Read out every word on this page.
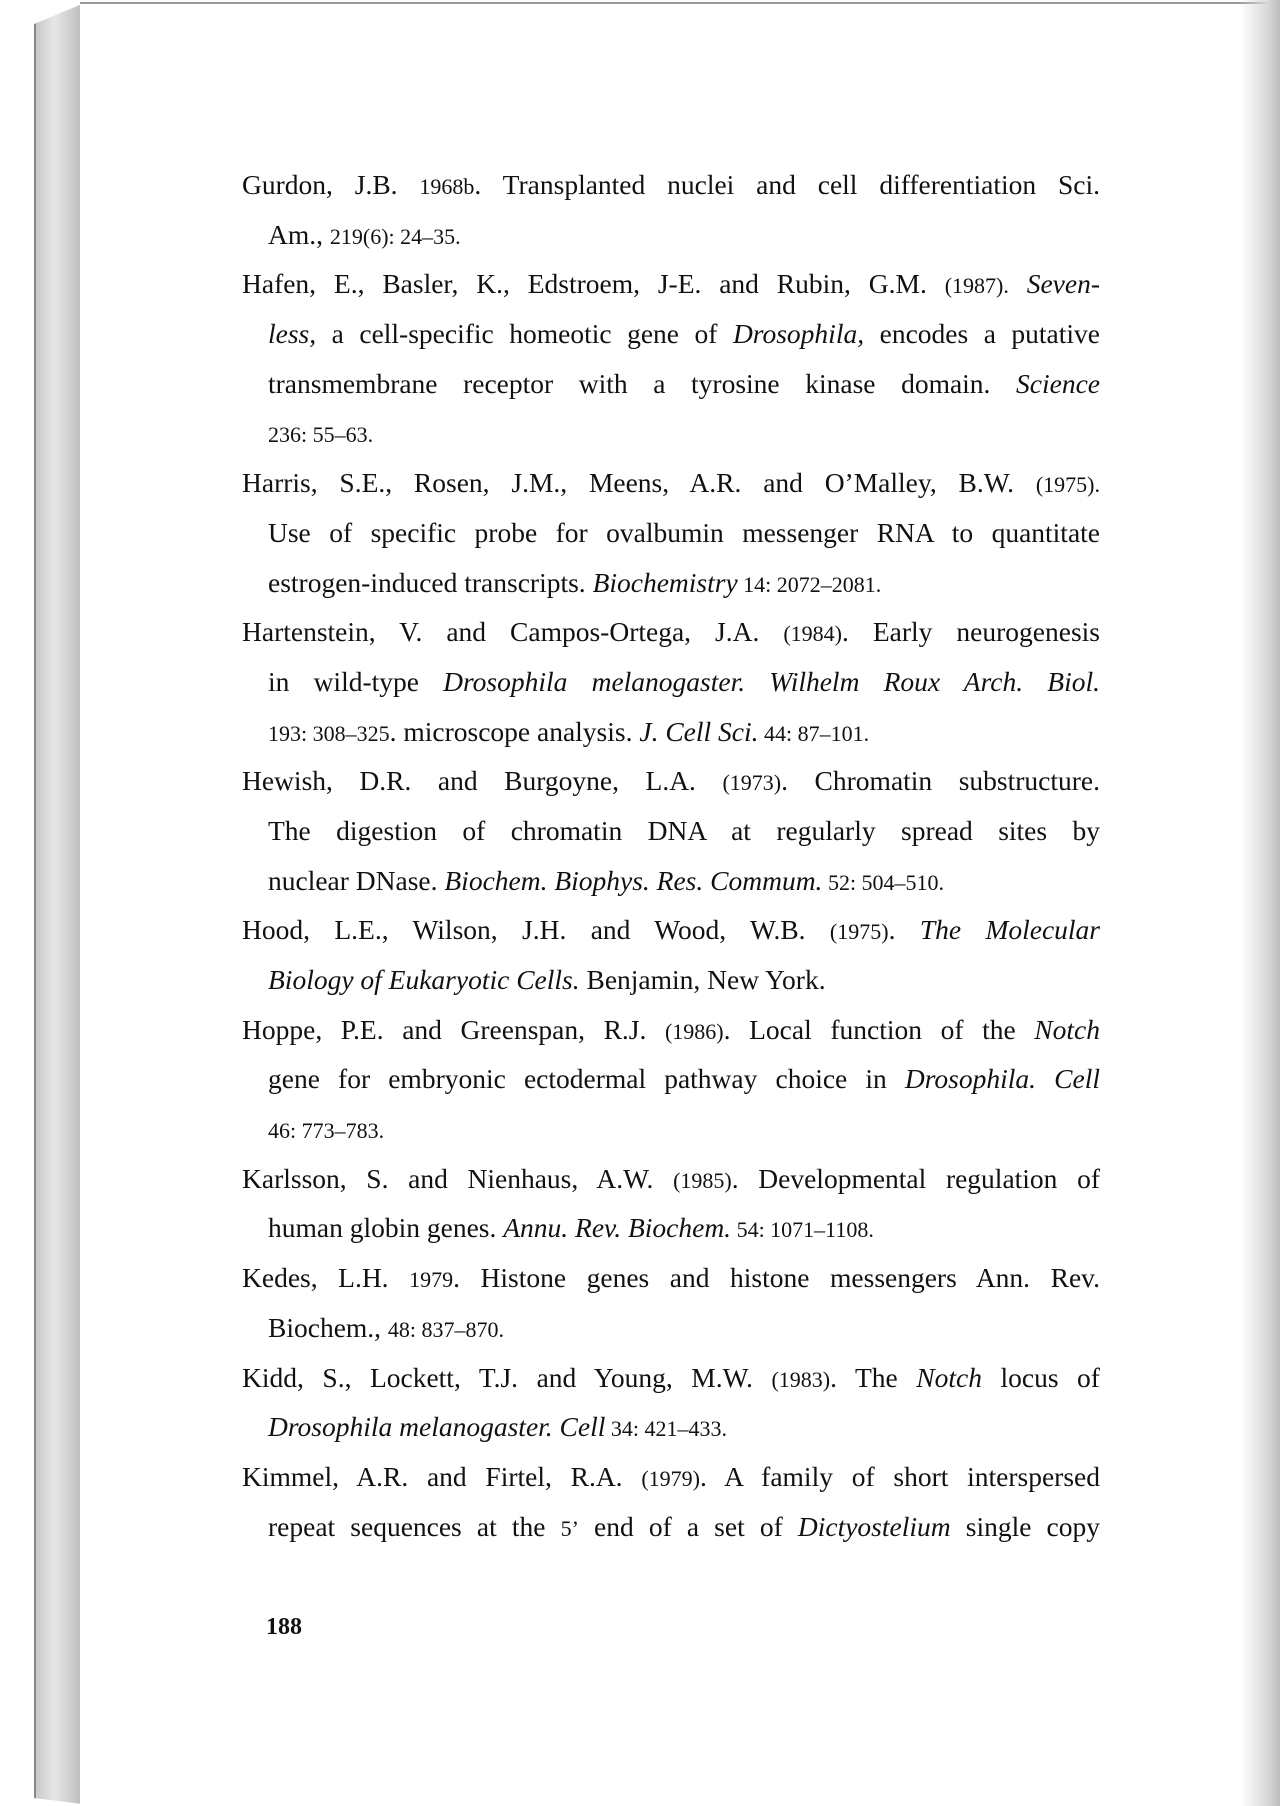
Gurdon, J.B. 1968b. Transplanted nuclei and cell differentiation Sci.
Am., 219(6): 24–35.
Hafen, E., Basler, K., Edstroem, J-E. and Rubin, G.M. (1987). Seven-
less, a cell-specific homeotic gene of Drosophila, encodes a putative
transmembrane receptor with a tyrosine kinase domain. Science
236: 55–63.
Harris, S.E., Rosen, J.M., Meens, A.R. and O’Malley, B.W. (1975).
Use of specific probe for ovalbumin messenger RNA to quantitate
estrogen-induced transcripts. Biochemistry 14: 2072–2081.
Hartenstein, V. and Campos-Ortega, J.A. (1984). Early neurogenesis
in wild-type Drosophila melanogaster. Wilhelm Roux Arch. Biol.
193: 308–325. microscope analysis. J. Cell Sci. 44: 87–101.
Hewish, D.R. and Burgoyne, L.A. (1973). Chromatin substructure.
The digestion of chromatin DNA at regularly spread sites by
nuclear DNase. Biochem. Biophys. Res. Commum. 52: 504–510.
Hood, L.E., Wilson, J.H. and Wood, W.B. (1975). The Molecular
Biology of Eukaryotic Cells. Benjamin, New York.
Hoppe, P.E. and Greenspan, R.J. (1986). Local function of the Notch
gene for embryonic ectodermal pathway choice in Drosophila. Cell
46: 773–783.
Karlsson, S. and Nienhaus, A.W. (1985). Developmental regulation of
human globin genes. Annu. Rev. Biochem. 54: 1071–1108.
Kedes, L.H. 1979. Histone genes and histone messengers Ann. Rev.
Biochem., 48: 837–870.
Kidd, S., Lockett, T.J. and Young, M.W. (1983). The Notch locus of
Drosophila melanogaster. Cell 34: 421–433.
Kimmel, A.R. and Firtel, R.A. (1979). A family of short interspersed
repeat sequences at the 5’ end of a set of Dictyostelium single copy
188
